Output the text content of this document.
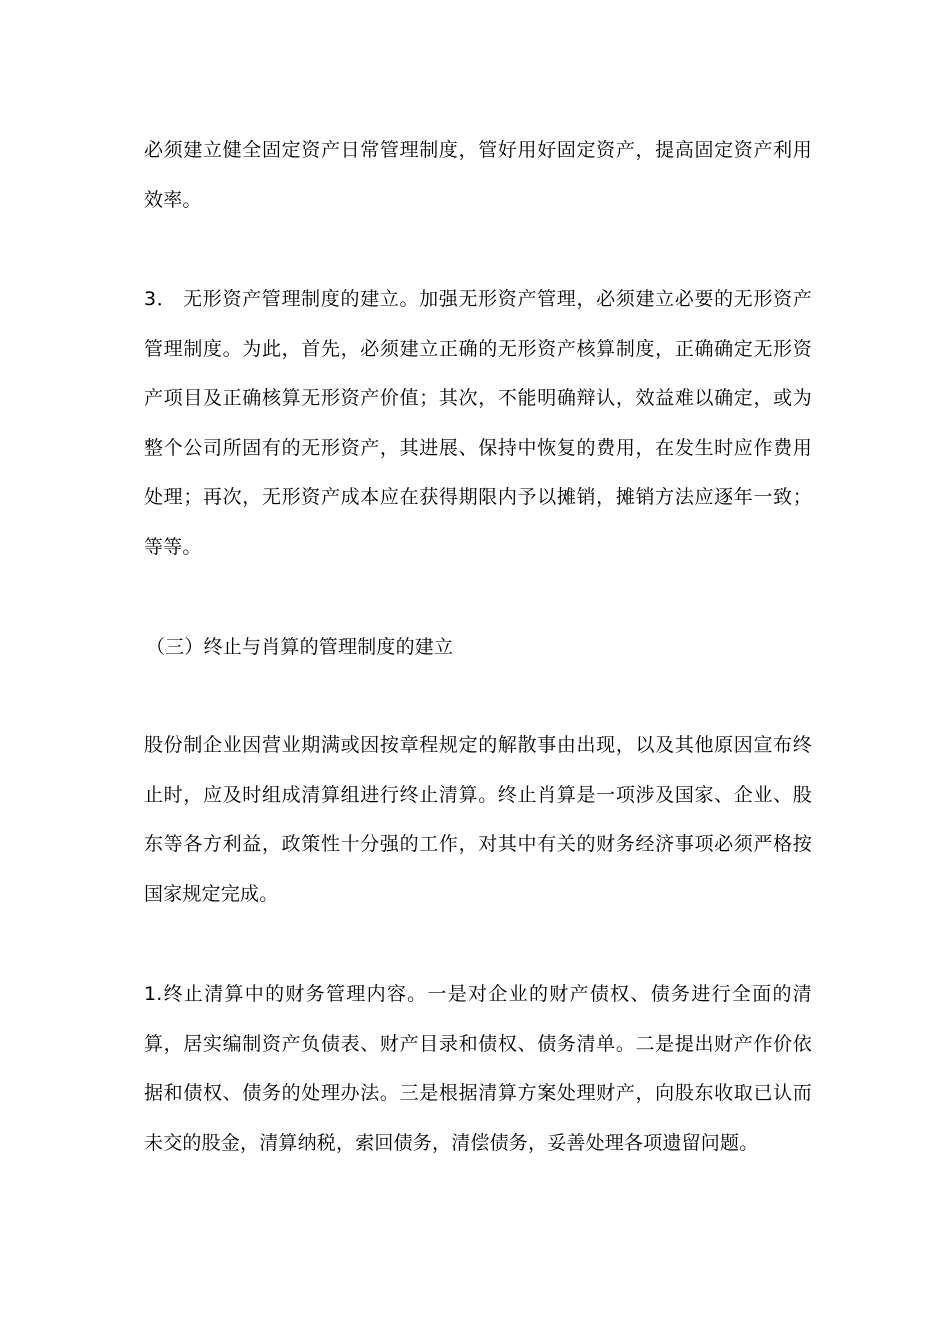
必须建立健全固定资产日常管理制度，管好用好固定资产，提高固定资产利用效率。

3． 无形资产管理制度的建立。加强无形资产管理，必须建立必要的无形资产管理制度。为此，首先，必须建立正确的无形资产核算制度，正确确定无形资产项目及正确核算无形资产价值；其次，不能明确辩认，效益难以确定，或为整个公司所固有的无形资产，其进展、保持中恢复的费用，在发生时应作费用处理；再次，无形资产成本应在获得期限内予以摊销，摊销方法应逐年一致；等等。

（三）终止与肖算的管理制度的建立

股份制企业因营业期满或因按章程规定的解散事由出现，以及其他原因宣布终止时，应及时组成清算组进行终止清算。终止肖算是一项涉及国家、企业、股东等各方利益，政策性十分强的工作，对其中有关的财务经济事项必须严格按国家规定完成。

1.终止清算中的财务管理内容。一是对企业的财产债权、债务进行全面的清算，居实编制资产负债表、财产目录和债权、债务清单。二是提出财产作价依据和债权、债务的处理办法。三是根据清算方案处理财产，向股东收取已认而未交的股金，清算纳税，索回债务，清偿债务，妥善处理各项遗留问题。
